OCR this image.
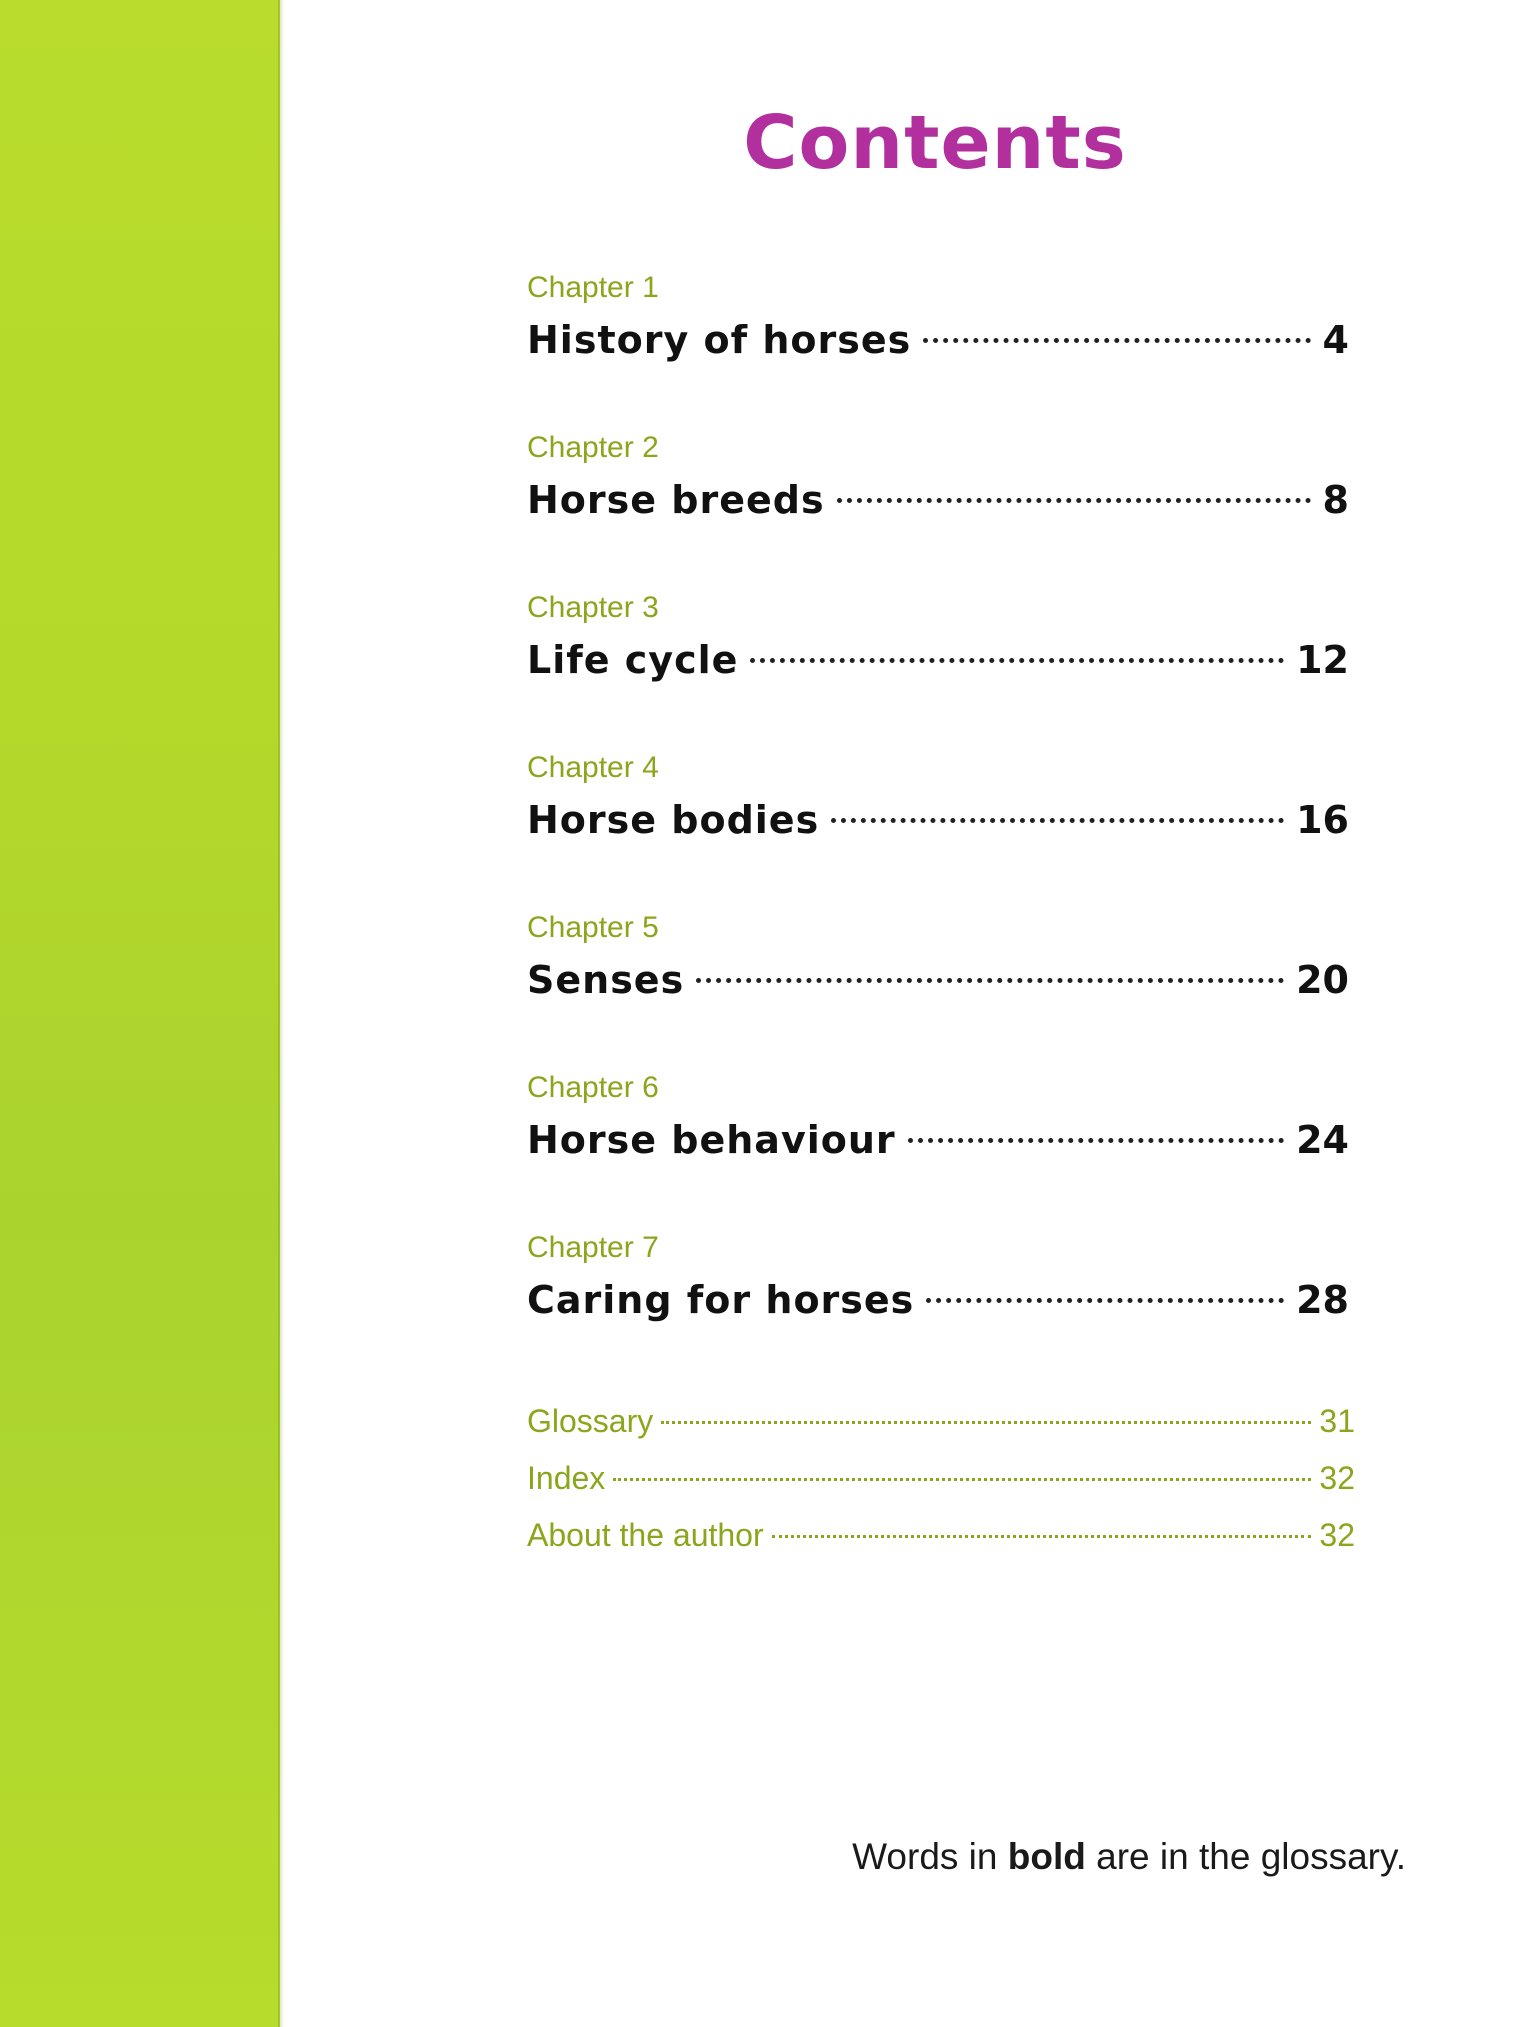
Contents
Chapter 1
History of horses	4
Chapter 2
Horse breeds	8
Chapter 3
Life cycle	12
Chapter 4
Horse bodies	16
Chapter 5
Senses	20
Chapter 6
Horse behaviour	24
Chapter 7
Caring for horses	28
Glossary	31
Index	32
About the author	32
Words in bold are in the glossary.
